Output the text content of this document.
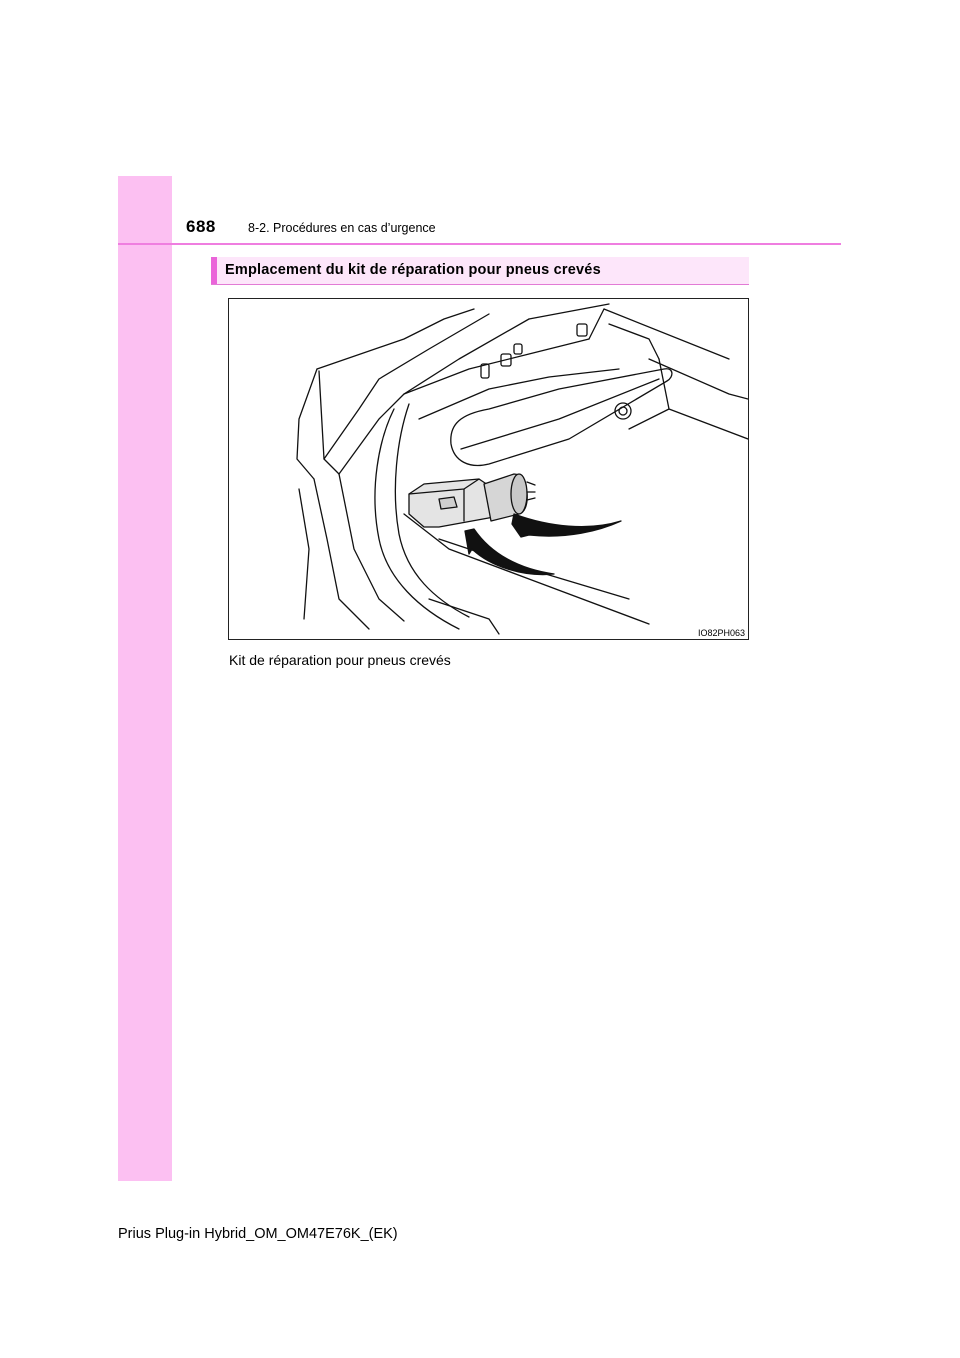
688	8-2. Procédures en cas d’urgence
Emplacement du kit de réparation pour pneus crevés
IO82PH063
Kit de réparation pour pneus crevés
Prius Plug-in Hybrid_OM_OM47E76K_(EK)
